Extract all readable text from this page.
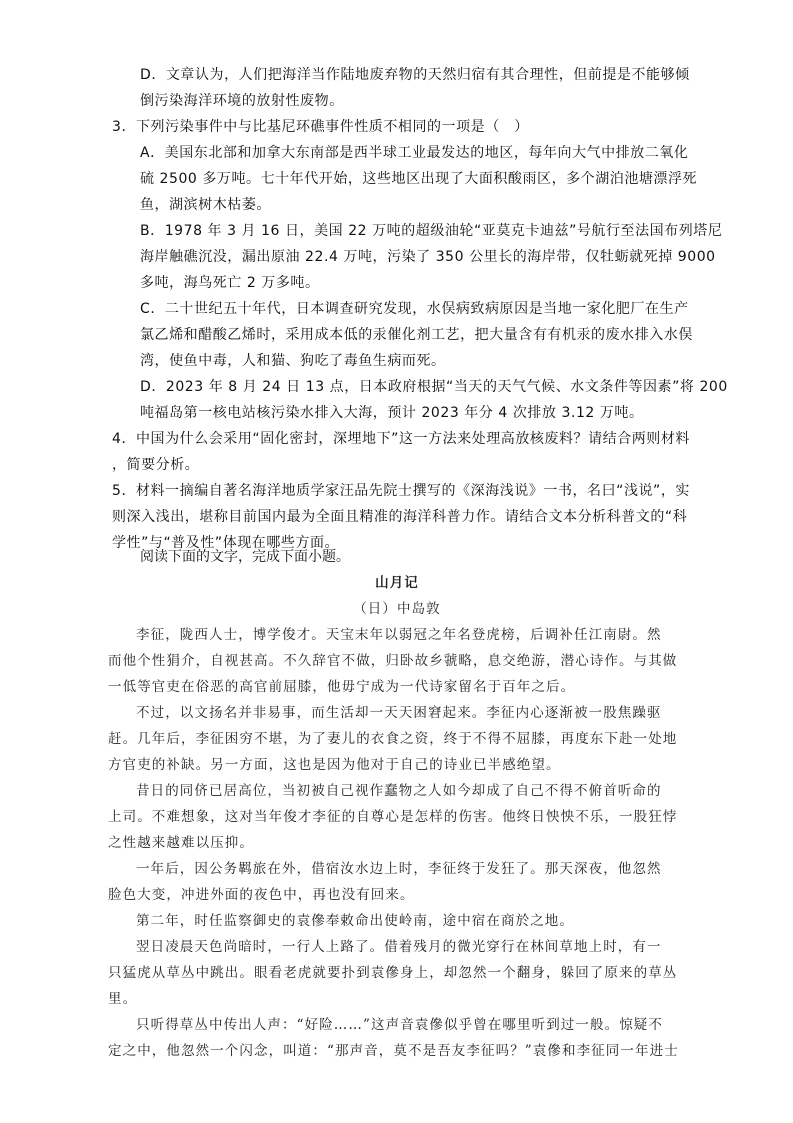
D．文章认为，人们把海洋当作陆地废弃物的天然归宿有其合理性，但前提是不能够倾
倒污染海洋环境的放射性废物。
3．下列污染事件中与比基尼环礁事件性质不相同的一项是（　）
A．美国东北部和加拿大东南部是西半球工业最发达的地区，每年向大气中排放二氧化
硫 2500 多万吨。七十年代开始，这些地区出现了大面积酸雨区，多个湖泊池塘漂浮死
鱼，湖滨树木枯萎。
B．1978 年 3 月 16 日，美国 22 万吨的超级油轮“亚莫克卡迪兹”号航行至法国布列塔尼
海岸触礁沉没，漏出原油 22.4 万吨，污染了 350 公里长的海岸带，仅牡蛎就死掉 9000
多吨，海鸟死亡 2 万多吨。
C．二十世纪五十年代，日本调查研究发现，水俣病致病原因是当地一家化肥厂在生产
氯乙烯和醋酸乙烯时，采用成本低的汞催化剂工艺，把大量含有有机汞的废水排入水俣
湾，使鱼中毒，人和猫、狗吃了毒鱼生病而死。
D．2023 年 8 月 24 日 13 点，日本政府根据“当天的天气气候、水文条件等因素”将 200
吨福岛第一核电站核污染水排入大海，预计 2023 年分 4 次排放 3.12 万吨。
4．中国为什么会采用“固化密封，深埋地下”这一方法来处理高放核废料？请结合两则材料
，简要分析。
5．材料一摘编自著名海洋地质学家汪品先院士撰写的《深海浅说》一书，名曰“浅说”，实
则深入浅出，堪称目前国内最为全面且精准的海洋科普力作。请结合文本分析科普文的“科
学性”与“普及性”体现在哪些方面。
阅读下面的文字，完成下面小题。
山月记
（日）中岛敦
李征，陇西人士，博学俊才。天宝末年以弱冠之年名登虎榜，后调补任江南尉。然
而他个性狷介，自视甚高。不久辞官不做，归卧故乡虢略，息交绝游，潜心诗作。与其做
一低等官吏在俗恶的高官前屈膝，他毋宁成为一代诗家留名于百年之后。
不过，以文扬名并非易事，而生活却一天天困窘起来。李征内心逐渐被一股焦躁驱
赶。几年后，李征困穷不堪，为了妻儿的衣食之资，终于不得不屈膝，再度东下赴一处地
方官吏的补缺。另一方面，这也是因为他对于自己的诗业已半感绝望。
昔日的同侪已居高位，当初被自己视作蠢物之人如今却成了自己不得不俯首听命的
上司。不难想象，这对当年俊才李征的自尊心是怎样的伤害。他终日怏怏不乐，一股狂悖
之性越来越难以压抑。
一年后，因公务羁旅在外，借宿汝水边上时，李征终于发狂了。那天深夜，他忽然
脸色大变，冲进外面的夜色中，再也没有回来。
第二年，时任监察御史的袁傪奉敕命出使岭南，途中宿在商於之地。
翌日凌晨天色尚暗时，一行人上路了。借着残月的微光穿行在林间草地上时，有一
只猛虎从草丛中跳出。眼看老虎就要扑到袁傪身上，却忽然一个翻身，躲回了原来的草丛
里。
只听得草丛中传出人声：“好险……”这声音袁傪似乎曾在哪里听到过一般。惊疑不
定之中，他忽然一个闪念，叫道：“那声音，莫不是吾友李征吗？”袁傪和李征同一年进士
